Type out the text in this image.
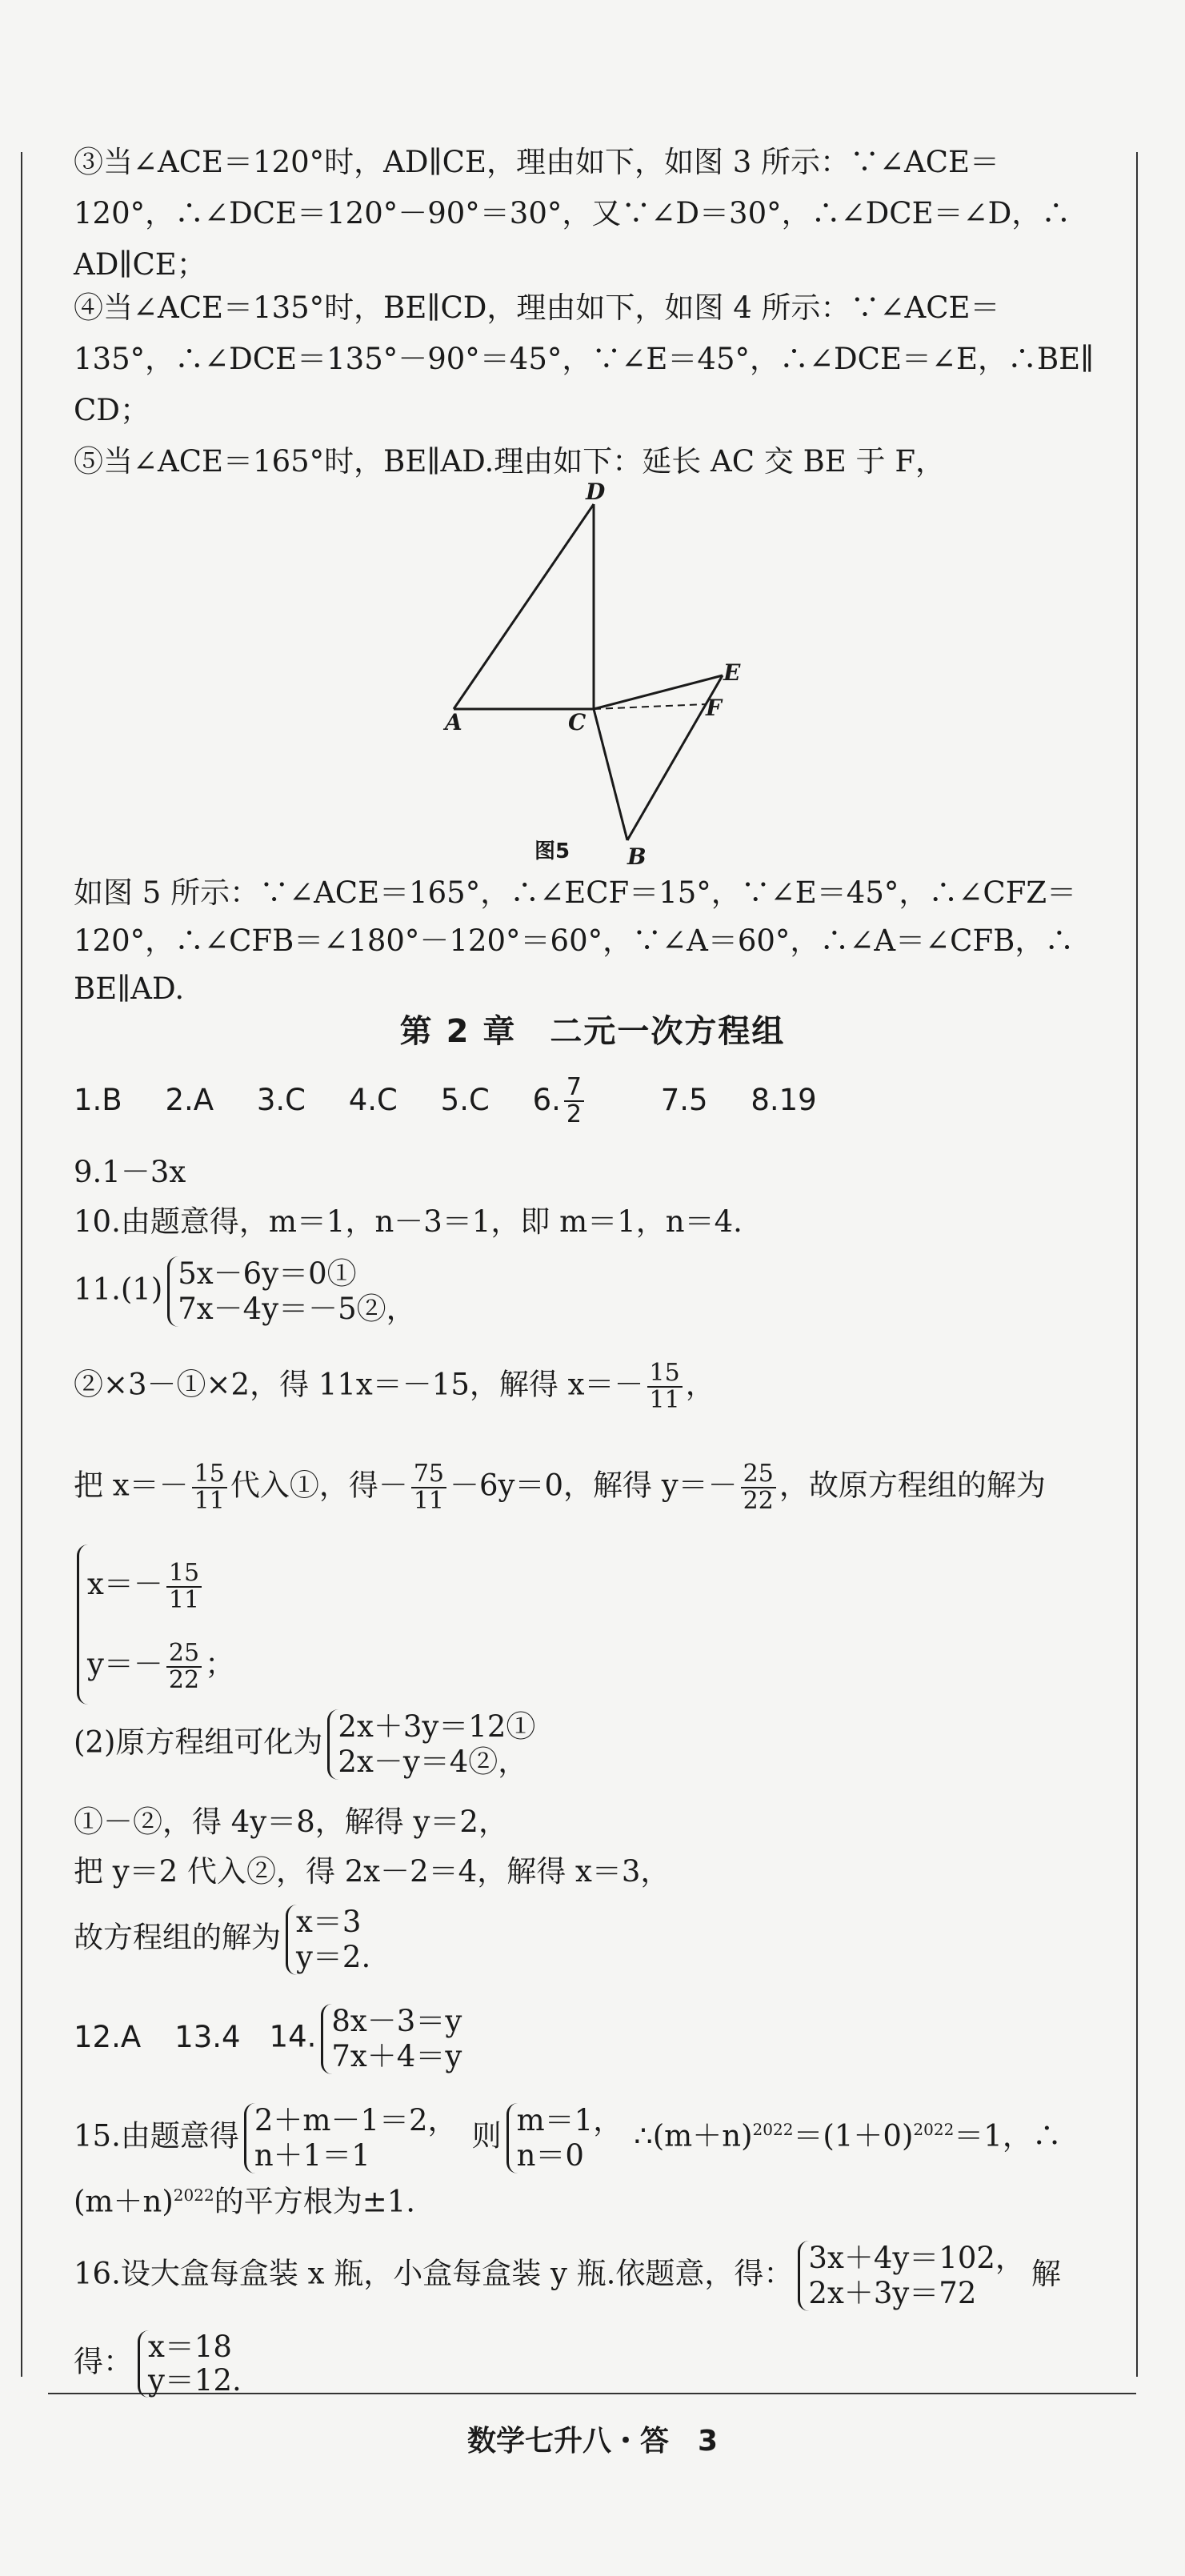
③当∠ACE＝120°时，AD∥CE，理由如下，如图 3 所示：∵∠ACE＝
120°，∴∠DCE＝120°－90°＝30°，又∵∠D＝30°，∴∠DCE＝∠D，∴
AD∥CE；
④当∠ACE＝135°时，BE∥CD，理由如下，如图 4 所示：∵∠ACE＝
135°，∴∠DCE＝135°－90°＝45°，∵∠E＝45°，∴∠DCE＝∠E，∴BE∥
CD；
⑤当∠ACE＝165°时，BE∥AD.理由如下：延长 AC 交 BE 于 F，
D
A	C
E
F
B
图5
如图 5 所示：∵∠ACE＝165°，∴∠ECF＝15°，∵∠E＝45°，∴∠CFZ＝
120°，∴∠CFB＝∠180°－120°＝60°，∵∠A＝60°，∴∠A＝∠CFB，∴
BE∥AD.
第 2 章　二元一次方程组
1.B 2.A 3.C 4.C 5.C 6. $\frac{7}{2} 7.5$ 8.19
9.1－3x
10.由题意得，m＝1，n－3＝1，即 m＝1，n＝4.
11.(1) 5x－6y＝0①
7x－4y＝－5②，
②×3－①×2，得 11x＝－15，解得 $x=- \frac{15}{11}$ ，
把 $x=- \frac{15}{11}$ 代入①，得－ $\frac{75}{11} -6y=0$，解得 $y=- \frac{25}{22}$ ，故原方程组的解为
$x=- \frac{15}{11}$
$y=- \frac{25}{22}$ ；
(2)原方程组可化为 2x＋3y＝12①
2x－y＝4②，
①－②，得 4y＝8，解得 y＝2，
把 y＝2 代入②，得 2x－2＝4，解得 x＝3，
故方程组的解为 x＝3
y＝2.
12.A 13.4 14. 8x－3＝y
7x＋4＝y
15.由题意得 2＋m－1＝2，
n＋1＝1
则 m＝1，
n＝0
$\therefore(m+n)^{2022}=(1+0)^{2022}=1$，∴
$(m+n)^{2022}$的平方根为±1.
16.设大盒每盒装 x 瓶，小盒每盒装 y 瓶.依题意，得： 3x＋4y＝102，
2x＋3y＝72
解
得： x＝18
y＝12.
数学七升八・答　3
